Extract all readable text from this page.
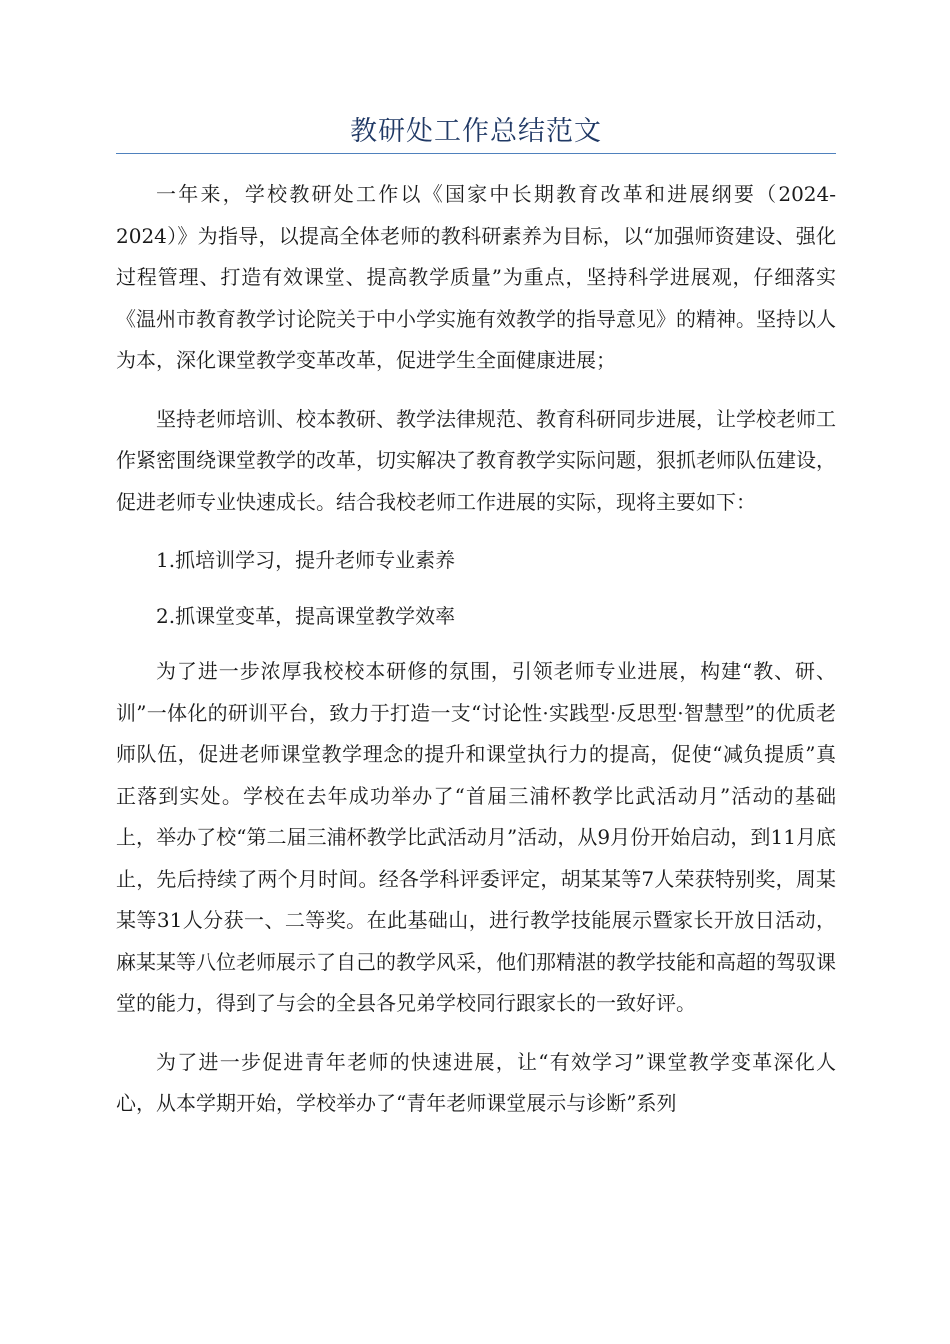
教研处工作总结范文

一年来，学校教研处工作以《国家中长期教育改革和进展纲要（2024-2024）》为指导，以提高全体老师的教科研素养为目标，以“加强师资建设、强化过程管理、打造有效课堂、提高教学质量”为重点，坚持科学进展观，仔细落实《温州市教育教学讨论院关于中小学实施有效教学的指导意见》的精神。坚持以人为本，深化课堂教学变革改革，促进学生全面健康进展；

坚持老师培训、校本教研、教学法律规范、教育科研同步进展，让学校老师工作紧密围绕课堂教学的改革，切实解决了教育教学实际问题，狠抓老师队伍建设，促进老师专业快速成长。结合我校老师工作进展的实际，现将主要如下：

1.抓培训学习，提升老师专业素养

2.抓课堂变革，提高课堂教学效率

为了进一步浓厚我校校本研修的氛围，引领老师专业进展，构建“教、研、训”一体化的研训平台，致力于打造一支“讨论性·实践型·反思型·智慧型”的优质老师队伍，促进老师课堂教学理念的提升和课堂执行力的提高，促使“减负提质”真正落到实处。学校在去年成功举办了“首届三浦杯教学比武活动月”活动的基础上，举办了校“第二届三浦杯教学比武活动月”活动，从9月份开始启动，到11月底止，先后持续了两个月时间。经各学科评委评定，胡某某等7人荣获特别奖，周某某等31人分获一、二等奖。在此基础山，进行教学技能展示暨家长开放日活动，麻某某等八位老师展示了自己的教学风采，他们那精湛的教学技能和高超的驾驭课堂的能力，得到了与会的全县各兄弟学校同行跟家长的一致好评。

为了进一步促进青年老师的快速进展，让“有效学习”课堂教学变革深化人心，从本学期开始，学校举办了“青年老师课堂展示与诊断”系列
